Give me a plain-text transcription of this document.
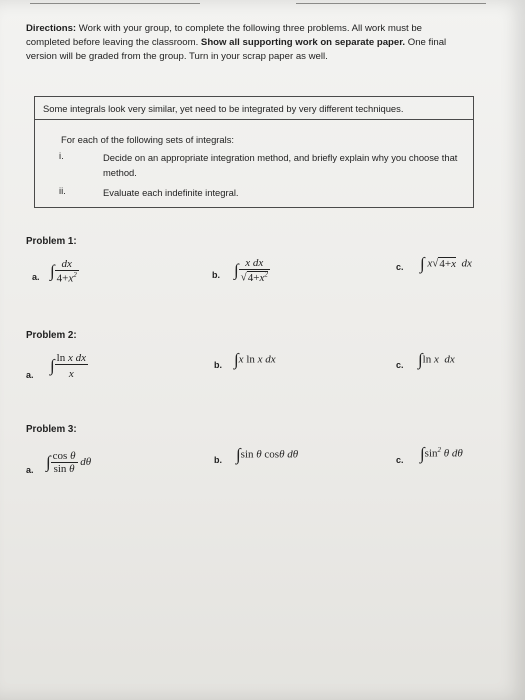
Directions: Work with your group, to complete the following three problems. All work must be
completed before leaving the classroom. Show all supporting work on separate paper. One final
version will be graded from the group. Turn in your scrap paper as well.
Some integrals look very similar, yet need to be integrated by very different techniques.
For each of the following sets of integrals:
i.	Decide on an appropriate integration method, and briefly explain why you choose that method.
ii.	Evaluate each indefinite integral.
Problem 1:
a. ∫ $\frac{dx}{4+x^2}$	b. ∫ $\frac{\text{x dx}}{√4+x^2}$	c. ∫ x√4+x  dx
Problem 2:
a. ∫ $\frac{\text{ln x dx}}{x}$	b. ∫x ln x dx	c. ∫ln x  dx
Problem 3:
a. ∫ $\frac{\text{cos θ}}{\text{sin θ}}$ dθ	b. ∫sin θ cosθ dθ	c. $\int\sin^2$ θ dθ
